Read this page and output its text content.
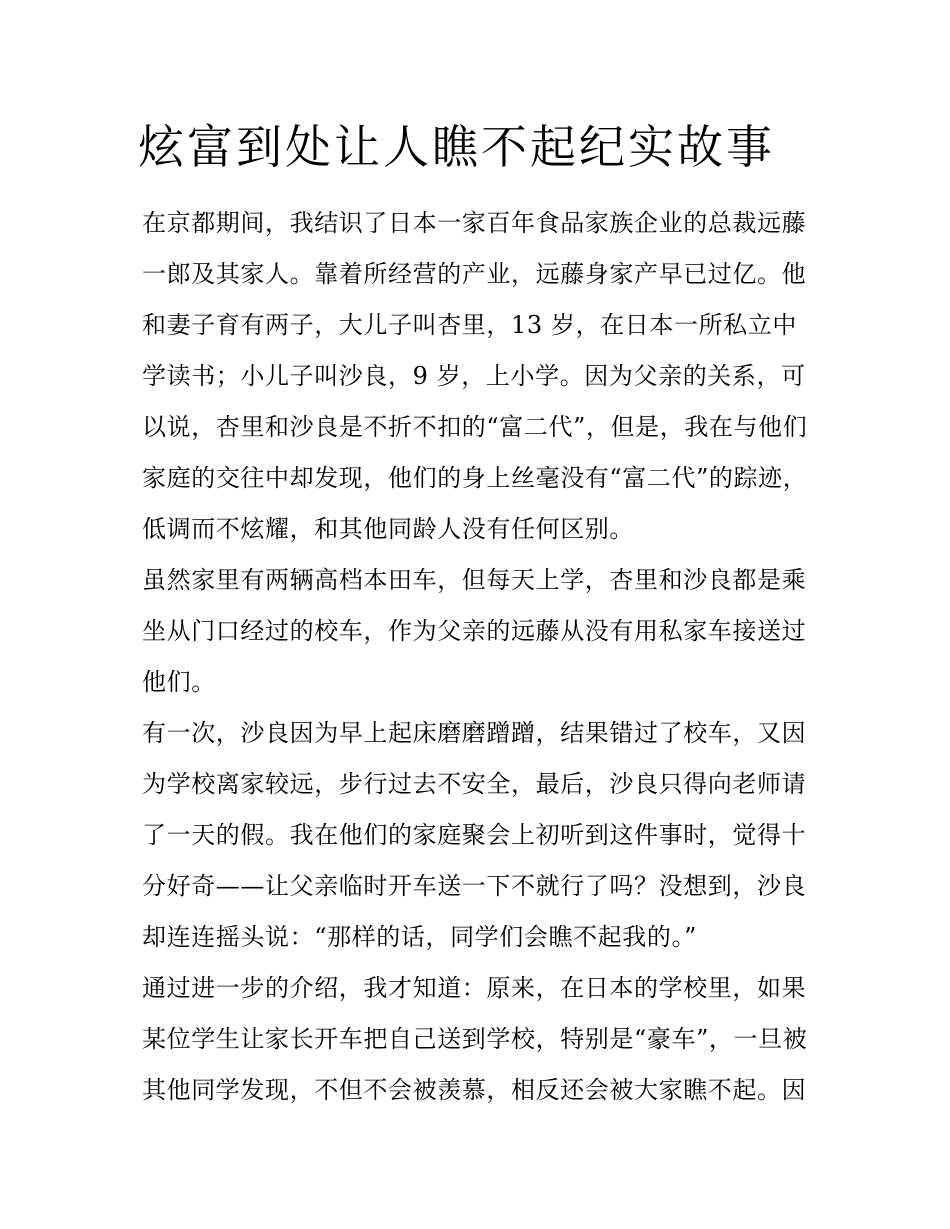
炫富到处让人瞧不起纪实故事
在京都期间，我结识了日本一家百年食品家族企业的总裁远藤
一郎及其家人。靠着所经营的产业，远藤身家产早已过亿。他
和妻子育有两子，大儿子叫杏里，13 岁，在日本一所私立中
学读书；小儿子叫沙良，9 岁，上小学。因为父亲的关系，可
以说，杏里和沙良是不折不扣的“富二代”，但是，我在与他们
家庭的交往中却发现，他们的身上丝毫没有“富二代”的踪迹，
低调而不炫耀，和其他同龄人没有任何区别。
虽然家里有两辆高档本田车，但每天上学，杏里和沙良都是乘
坐从门口经过的校车，作为父亲的远藤从没有用私家车接送过
他们。
有一次，沙良因为早上起床磨磨蹭蹭，结果错过了校车，又因
为学校离家较远，步行过去不安全，最后，沙良只得向老师请
了一天的假。我在他们的家庭聚会上初听到这件事时，觉得十
分好奇——让父亲临时开车送一下不就行了吗？没想到，沙良
却连连摇头说：“那样的话，同学们会瞧不起我的。”
通过进一步的介绍，我才知道：原来，在日本的学校里，如果
某位学生让家长开车把自己送到学校，特别是“豪车”，一旦被
其他同学发现，不但不会被羡慕，相反还会被大家瞧不起。因
